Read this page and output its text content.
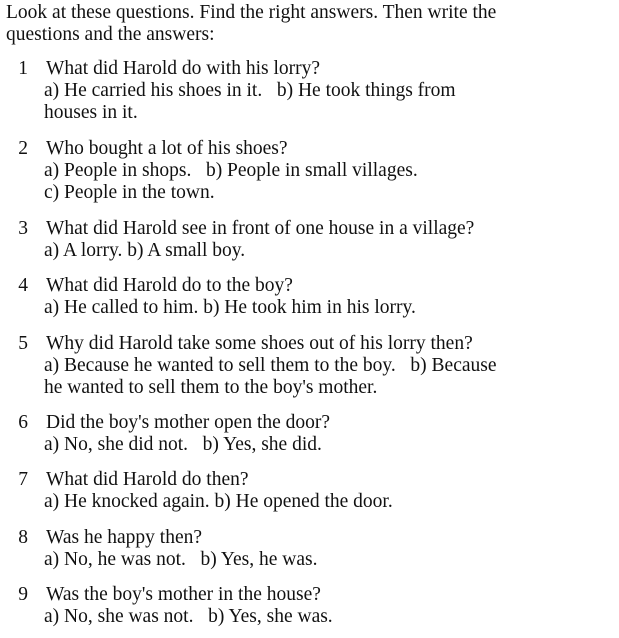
Look at these questions. Find the right answers. Then write the
questions and the answers:
1 What did Harold do with his lorry?
a) He carried his shoes in it.   b) He took things from
houses in it.
2 Who bought a lot of his shoes?
a) People in shops.   b) People in small villages.
c) People in the town.
3 What did Harold see in front of one house in a village?
a) A lorry. b) A small boy.
4 What did Harold do to the boy?
a) He called to him. b) He took him in his lorry.
5 Why did Harold take some shoes out of his lorry then?
a) Because he wanted to sell them to the boy.   b) Because
he wanted to sell them to the boy's mother.
6 Did the boy's mother open the door?
a) No, she did not.   b) Yes, she did.
7 What did Harold do then?
a) He knocked again. b) He opened the door.
8 Was he happy then?
a) No, he was not.   b) Yes, he was.
9 Was the boy's mother in the house?
a) No, she was not.   b) Yes, she was.
